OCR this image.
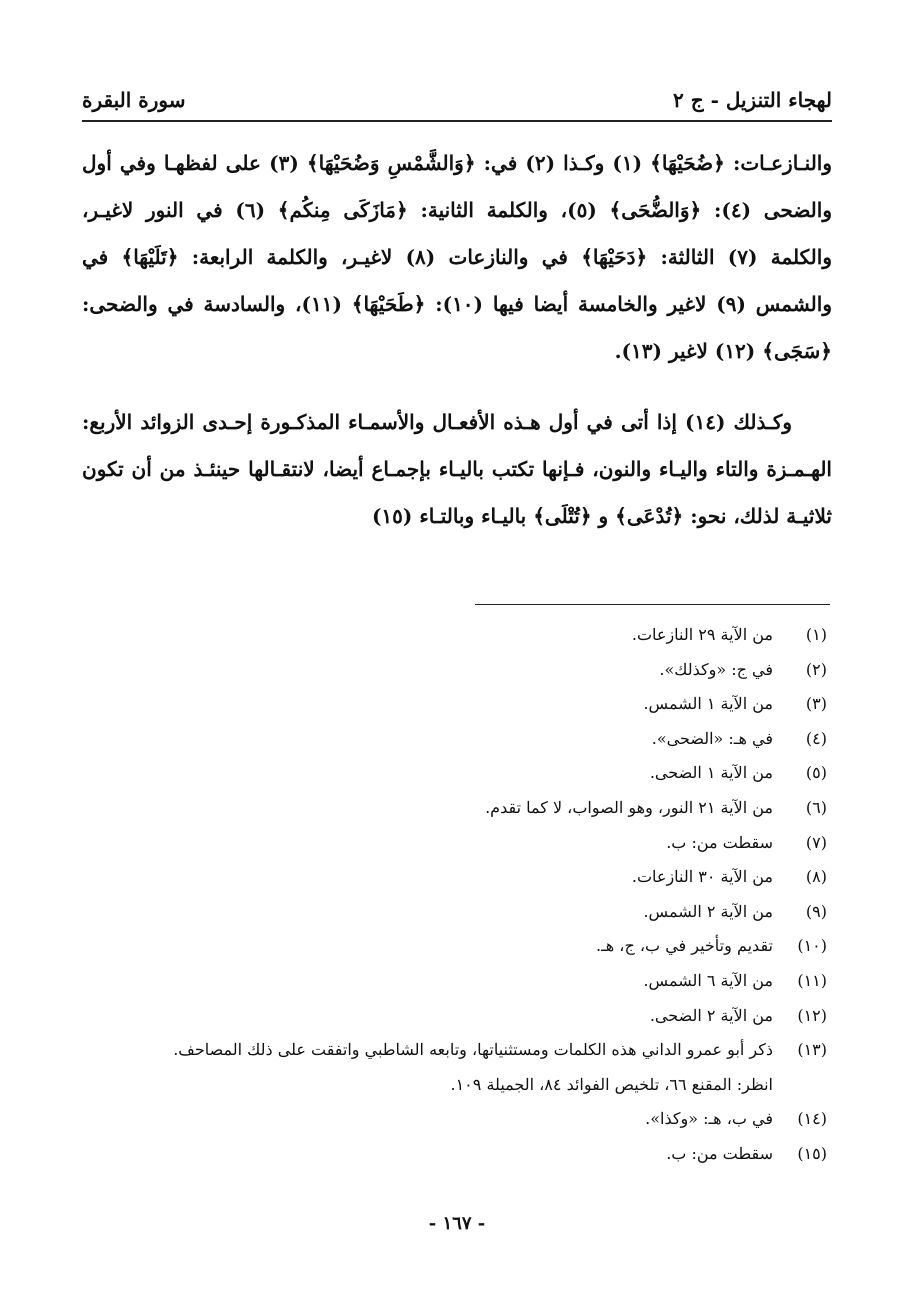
لهجاء التنزيل - ج ٢
سورة البقرة

والنـازعـات: ﴿ضُحَيْهَا﴾ (١) وكـذا (٢) في: ﴿وَالشَّمْسِ وَضُحَيْهَا﴾ (٣) على لفظهـا وفي أول والضحى (٤): ﴿وَالضُّحَى﴾ (٥)، والكلمة الثانية: ﴿مَازَكَى مِنكُم﴾ (٦) في النور لاغيـر، والكلمة (٧) الثالثة: ﴿دَحَيْهَا﴾ في والنازعات (٨) لاغيـر، والكلمة الرابعة: ﴿تَلَيْهَا﴾ في والشمس (٩) لاغير والخامسة أيضا فيها (١٠): ﴿طَحَيْهَا﴾ (١١)، والسادسة في والضحى: ﴿سَجَى﴾ (١٢) لاغير (١٣).

وكـذلك (١٤) إذا أتى في أول هـذه الأفعـال والأسمـاء المذكـورة إحـدى الزوائد الأربع: الهـمـزة والتاء واليـاء والنون، فـإنها تكتب باليـاء بإجمـاع أيضا، لانتقـالها حينئـذ من أن تكون ثلاثيـة لذلك، نحو: ﴿تُدْعَى﴾ و ﴿تُتْلَى﴾ باليـاء وبالتـاء (١٥)

(١)
من الآية ٢٩ النازعات.
(٢)
في ج: «وكذلك».
(٣)
من الآية ١ الشمس.
(٤)
في هـ: «الضحى».
(٥)
من الآية ١ الضحى.
(٦)
من الآية ٢١ النور، وهو الصواب، لا كما تقدم.
(٧)
سقطت من: ب.
(٨)
من الآية ٣٠ النازعات.
(٩)
من الآية ٢ الشمس.
(١٠)
تقديم وتأخير في ب، ج، هـ.
(١١)
من الآية ٦ الشمس.
(١٢)
من الآية ٢ الضحى.
(١٣)
ذكر أبو عمرو الداني هذه الكلمات ومستثنياتها، وتابعه الشاطبي واتفقت على ذلك المصاحف.
انظر: المقنع ٦٦، تلخيص الفوائد ٨٤، الجميلة ١٠٩.
(١٤)
في ب، هـ: «وكذا».
(١٥)
سقطت من: ب.
- ١٦٧ -
